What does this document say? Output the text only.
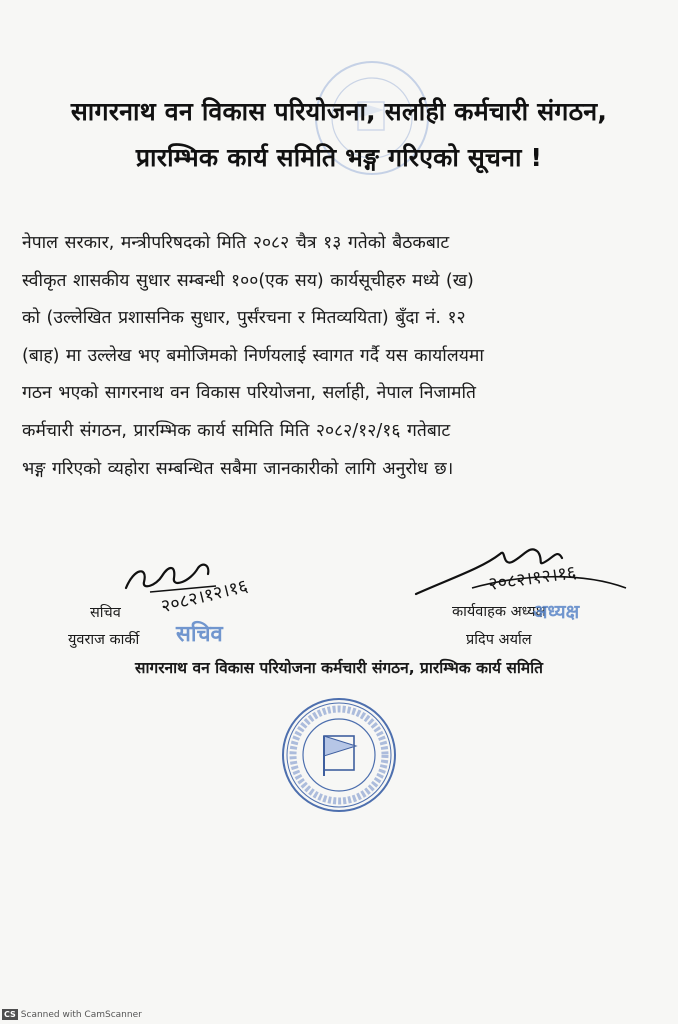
सागरनाथ वन विकास परियोजना, सर्लाही कर्मचारी संगठन,
प्रारम्भिक कार्य समिति भङ्ग गरिएको सूचना !
नेपाल सरकार, मन्त्रीपरिषदको मिति २०८२ चैत्र १३ गतेको बैठकबाट
स्वीकृत शासकीय सुधार सम्बन्धी १००(एक सय) कार्यसूचीहरु मध्ये (ख)
को (उल्लेखित प्रशासनिक सुधार, पुर्संरचना र मितव्ययिता) बुँदा नं. १२
(बाह) मा उल्लेख भए बमोजिमको निर्णयलाई स्वागत गर्दै यस कार्यालयमा
गठन भएको सागरनाथ वन विकास परियोजना, सर्लाही, नेपाल निजामति
कर्मचारी संगठन, प्रारम्भिक कार्य समिति मिति २०८२/१२/१६ गतेबाट
भङ्ग गरिएको व्यहोरा सम्बन्धित सबैमा जानकारीको लागि अनुरोध छ।
२०८२।१२।१६
सचिव
युवराज कार्की सचिव
२०८२।१२।१६
कार्यवाहक अध्यक्ष
अध्यक्ष
प्रदिप अर्याल
सागरनाथ वन विकास परियोजना कर्मचारी संगठन, प्रारम्भिक कार्य समिति
CS Scanned with CamScanner
